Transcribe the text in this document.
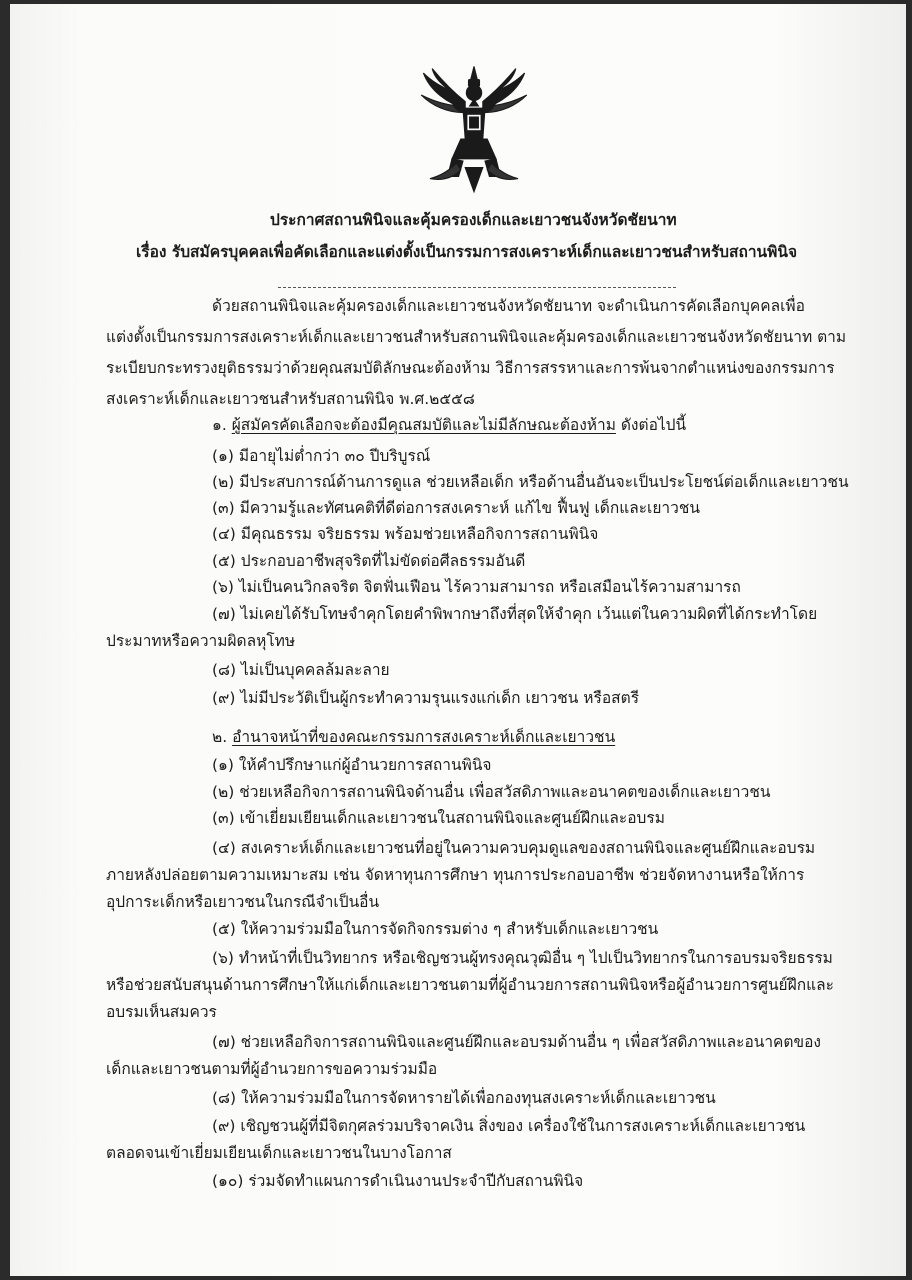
ประกาศสถานพินิจและคุ้มครองเด็กและเยาวชนจังหวัดชัยนาท
เรื่อง รับสมัครบุคคลเพื่อคัดเลือกและแต่งตั้งเป็นกรรมการสงเคราะห์เด็กและเยาวชนสำหรับสถานพินิจ
ด้วยสถานพินิจและคุ้มครองเด็กและเยาวชนจังหวัดชัยนาท จะดำเนินการคัดเลือกบุคคลเพื่อ
แต่งตั้งเป็นกรรมการสงเคราะห์เด็กและเยาวชนสำหรับสถานพินิจและคุ้มครองเด็กและเยาวชนจังหวัดชัยนาท ตาม
ระเบียบกระทรวงยุติธรรมว่าด้วยคุณสมบัติลักษณะต้องห้าม วิธีการสรรหาและการพ้นจากตำแหน่งของกรรมการ
สงเคราะห์เด็กและเยาวชนสำหรับสถานพินิจ พ.ศ.๒๕๕๘
๑. ผู้สมัครคัดเลือกจะต้องมีคุณสมบัติและไม่มีลักษณะต้องห้าม ดังต่อไปนี้
(๑) มีอายุไม่ต่ำกว่า ๓๐ ปีบริบูรณ์
(๒) มีประสบการณ์ด้านการดูแล ช่วยเหลือเด็ก หรือด้านอื่นอันจะเป็นประโยชน์ต่อเด็กและเยาวชน
(๓) มีความรู้และทัศนคติที่ดีต่อการสงเคราะห์ แก้ไข ฟื้นฟู เด็กและเยาวชน
(๔) มีคุณธรรม จริยธรรม พร้อมช่วยเหลือกิจการสถานพินิจ
(๕) ประกอบอาชีพสุจริตที่ไม่ขัดต่อศีลธรรมอันดี
(๖) ไม่เป็นคนวิกลจริต จิตฟั่นเฟือน ไร้ความสามารถ หรือเสมือนไร้ความสามารถ
(๗) ไม่เคยได้รับโทษจำคุกโดยคำพิพากษาถึงที่สุดให้จำคุก เว้นแต่ในความผิดที่ได้กระทำโดย
ประมาทหรือความผิดลหุโทษ
(๘) ไม่เป็นบุคคลล้มละลาย
(๙) ไม่มีประวัติเป็นผู้กระทำความรุนแรงแก่เด็ก เยาวชน หรือสตรี
๒. อำนาจหน้าที่ของคณะกรรมการสงเคราะห์เด็กและเยาวชน
(๑) ให้คำปรึกษาแก่ผู้อำนวยการสถานพินิจ
(๒) ช่วยเหลือกิจการสถานพินิจด้านอื่น เพื่อสวัสดิภาพและอนาคตของเด็กและเยาวชน
(๓) เข้าเยี่ยมเยียนเด็กและเยาวชนในสถานพินิจและศูนย์ฝึกและอบรม
(๔) สงเคราะห์เด็กและเยาวชนที่อยู่ในความควบคุมดูแลของสถานพินิจและศูนย์ฝึกและอบรม
ภายหลังปล่อยตามความเหมาะสม เช่น จัดหาทุนการศึกษา ทุนการประกอบอาชีพ ช่วยจัดหางานหรือให้การ
อุปการะเด็กหรือเยาวชนในกรณีจำเป็นอื่น
(๕) ให้ความร่วมมือในการจัดกิจกรรมต่าง ๆ สำหรับเด็กและเยาวชน
(๖) ทำหน้าที่เป็นวิทยากร หรือเชิญชวนผู้ทรงคุณวุฒิอื่น ๆ ไปเป็นวิทยากรในการอบรมจริยธรรม
หรือช่วยสนับสนุนด้านการศึกษาให้แก่เด็กและเยาวชนตามที่ผู้อำนวยการสถานพินิจหรือผู้อำนวยการศูนย์ฝึกและ
อบรมเห็นสมควร
(๗) ช่วยเหลือกิจการสถานพินิจและศูนย์ฝึกและอบรมด้านอื่น ๆ เพื่อสวัสดิภาพและอนาคตของ
เด็กและเยาวชนตามที่ผู้อำนวยการขอความร่วมมือ
(๘) ให้ความร่วมมือในการจัดหารายได้เพื่อกองทุนสงเคราะห์เด็กและเยาวชน
(๙) เชิญชวนผู้ที่มีจิตกุศลร่วมบริจาคเงิน สิ่งของ เครื่องใช้ในการสงเคราะห์เด็กและเยาวชน
ตลอดจนเข้าเยี่ยมเยียนเด็กและเยาวชนในบางโอกาส
(๑๐) ร่วมจัดทำแผนการดำเนินงานประจำปีกับสถานพินิจ
